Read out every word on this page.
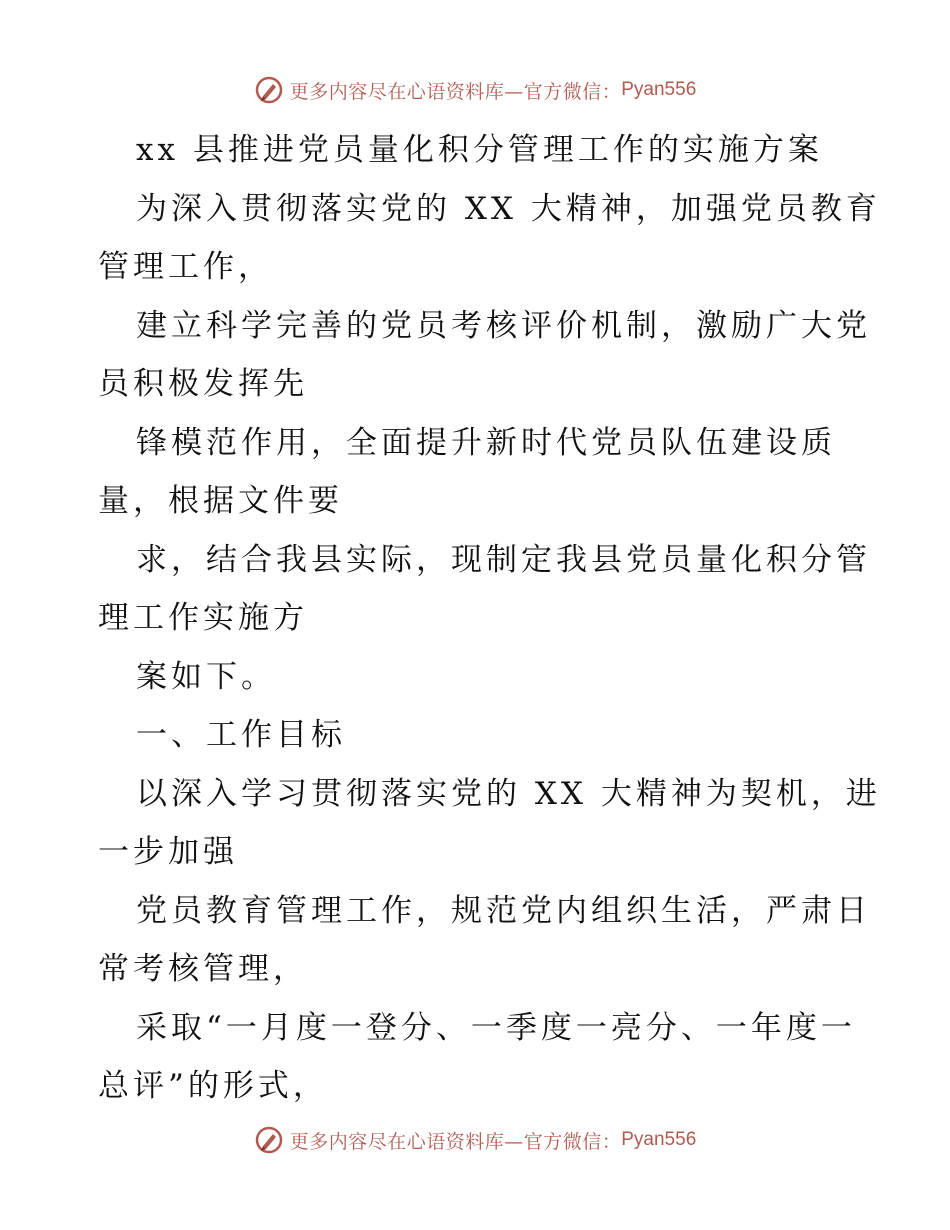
更多内容尽在心语资料库—官方微信： Pyan556
xx 县推进党员量化积分管理工作的实施方案
为深入贯彻落实党的 XX 大精神，加强党员教育
管理工作，
建立科学完善的党员考核评价机制，激励广大党
员积极发挥先
锋模范作用，全面提升新时代党员队伍建设质
量，根据文件要
求，结合我县实际，现制定我县党员量化积分管
理工作实施方
案如下。
一、工作目标
以深入学习贯彻落实党的 XX 大精神为契机，进
一步加强
党员教育管理工作，规范党内组织生活，严肃日
常考核管理，
采取“一月度一登分、一季度一亮分、一年度一
总评”的形式，
更多内容尽在心语资料库—官方微信： Pyan556
